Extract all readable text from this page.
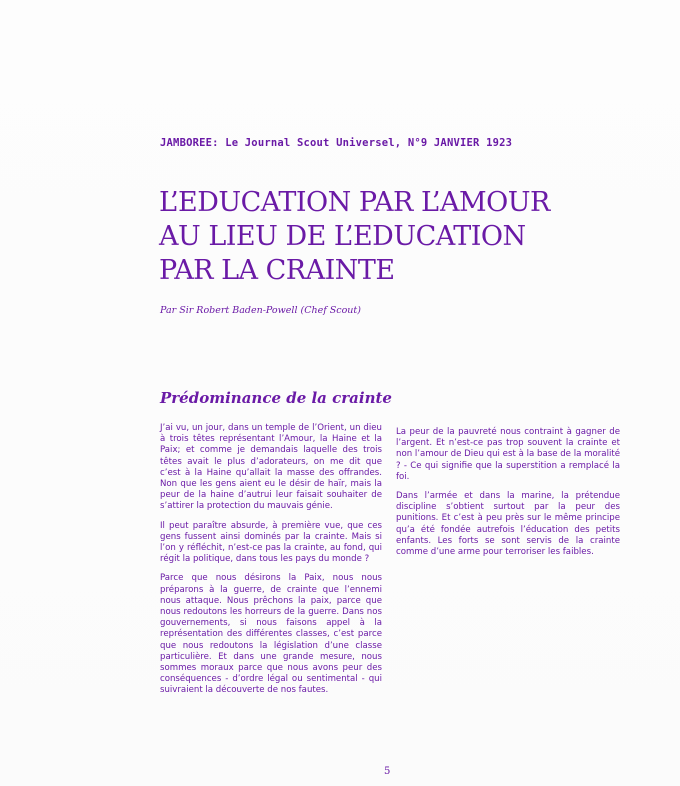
JAMBOREE: Le Journal Scout Universel, N°9 JANVIER 1923
L’EDUCATION PAR L’AMOUR
AU LIEU DE L’EDUCATION
PAR LA CRAINTE
Par Sir Robert Baden-Powell (Chef Scout)
Prédominance de la crainte

J’ai vu, un jour, dans un temple de l’Orient, un dieu à trois têtes représentant l’Amour, la Haine et la Paix; et comme je demandais laquelle des trois têtes avait le plus d’adorateurs, on me dit que c’est à la Haine qu’allait la masse des offrandes. Non que les gens aient eu le désir de haïr, mais la peur de la haine d’autrui leur faisait souhaiter de s’attirer la protection du mauvais génie.

Il peut paraître absurde, à première vue, que ces gens fussent ainsi dominés par la crainte. Mais si l’on y réfléchit, n’est-ce pas la crainte, au fond, qui régit la politique, dans tous les pays du monde ?

Parce que nous désirons la Paix, nous nous préparons à la guerre, de crainte que l’ennemi nous attaque. Nous prêchons la paix, parce que nous redoutons les horreurs de la guerre. Dans nos gouvernements, si nous faisons appel à la représentation des différentes classes, c’est parce que nous redoutons la législation d’une classe particulière. Et dans une grande mesure, nous sommes moraux parce que nous avons peur des conséquences - d’ordre légal ou sentimental - qui suivraient la découverte de nos fautes.

La peur de la pauvreté nous contraint à gagner de l’argent. Et n’est-ce pas trop souvent la crainte et non l’amour de Dieu qui est à la base de la moralité ? - Ce qui signifie que la superstition a remplacé la foi.

Dans l’armée et dans la marine, la prétendue discipline s’obtient surtout par la peur des punitions. Et c’est à peu près sur le même principe qu’a été fondée autrefois l’éducation des petits enfants. Les forts se sont servis de la crainte comme d’une arme pour terroriser les faibles.

5
